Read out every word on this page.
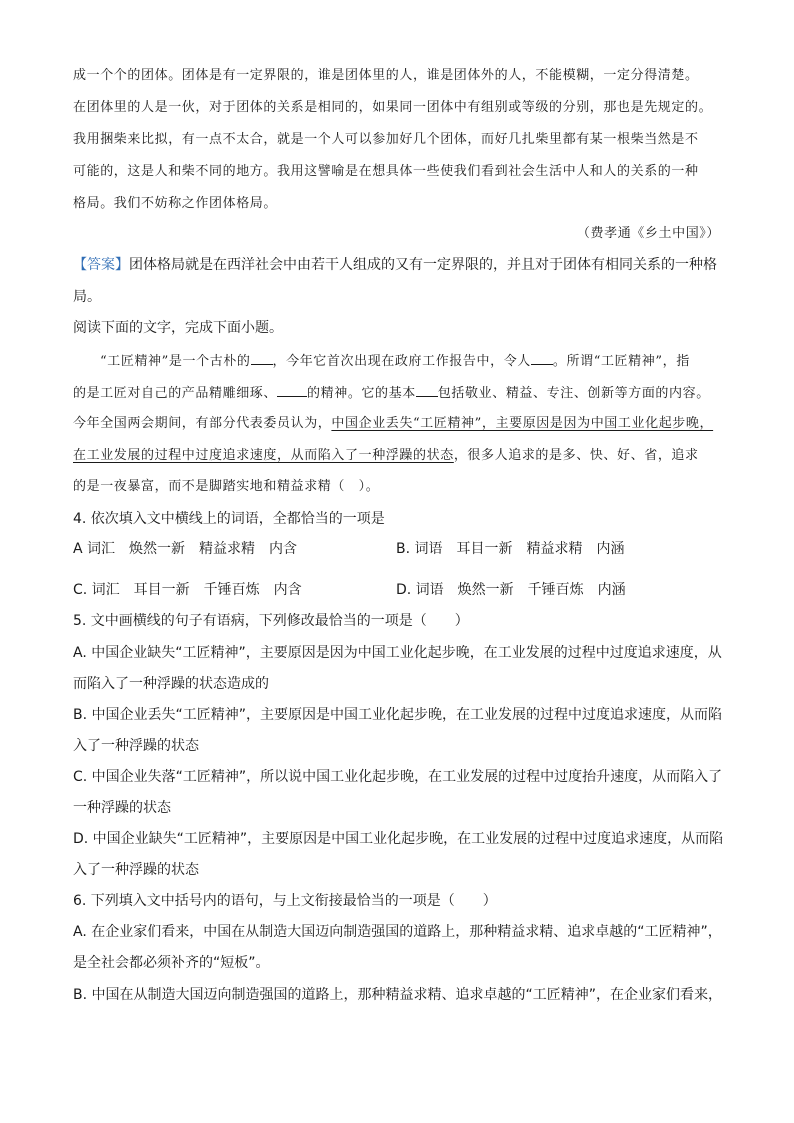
成一个个的团体。团体是有一定界限的，谁是团体里的人，谁是团体外的人，不能模糊，一定分得清楚。
在团体里的人是一伙，对于团体的关系是相同的，如果同一团体中有组别或等级的分别，那也是先规定的。
我用捆柴来比拟，有一点不太合，就是一个人可以参加好几个团体，而好几扎柴里都有某一根柴当然是不
可能的，这是人和柴不同的地方。我用这譬喻是在想具体一些使我们看到社会生活中人和人的关系的一种
格局。我们不妨称之作团体格局。
（费孝通《乡土中国》）
【答案】团体格局就是在西洋社会中由若干人组成的又有一定界限的，并且对于团体有相同关系的一种格
局。
阅读下面的文字，完成下面小题。
“工匠精神”是一个古朴的 ，今年它首次出现在政府工作报告中，令人 。所谓“工匠精神”，指
的是工匠对自己的产品精雕细琢、 的精神。它的基本 包括敬业、精益、专注、创新等方面的内容。
今年全国两会期间，有部分代表委员认为，中国企业丢失“工匠精神”，主要原因是因为中国工业化起步晚，
在工业发展的过程中过度追求速度，从而陷入了一种浮躁的状态，很多人追求的是多、快、好、省，追求
的是一夜暴富，而不是脚踏实地和精益求精（　）。
4. 依次填入文中横线上的词语，全都恰当的一项是
A 词汇　焕然一新　精益求精　内含	B. 词语　耳目一新　精益求精　内涵
C. 词汇　耳目一新　千锤百炼　内含	D. 词语　焕然一新　千锤百炼　内涵
5. 文中画横线的句子有语病，下列修改最恰当的一项是（　　）
A. 中国企业缺失“工匠精神”，主要原因是因为中国工业化起步晚，在工业发展的过程中过度追求速度，从
而陷入了一种浮躁的状态造成的
B. 中国企业丢失“工匠精神”，主要原因是中国工业化起步晚，在工业发展的过程中过度追求速度，从而陷
入了一种浮躁的状态
C. 中国企业失落“工匠精神”，所以说中国工业化起步晚，在工业发展的过程中过度抬升速度，从而陷入了
一种浮躁的状态
D. 中国企业缺失“工匠精神”，主要原因是中国工业化起步晚，在工业发展的过程中过度追求速度，从而陷
入了一种浮躁的状态
6. 下列填入文中括号内的语句，与上文衔接最恰当的一项是（　　）
A. 在企业家们看来，中国在从制造大国迈向制造强国的道路上，那种精益求精、追求卓越的“工匠精神”，
是全社会都必须补齐的“短板”。
B. 中国在从制造大国迈向制造强国的道路上，那种精益求精、追求卓越的“工匠精神”，在企业家们看来，
